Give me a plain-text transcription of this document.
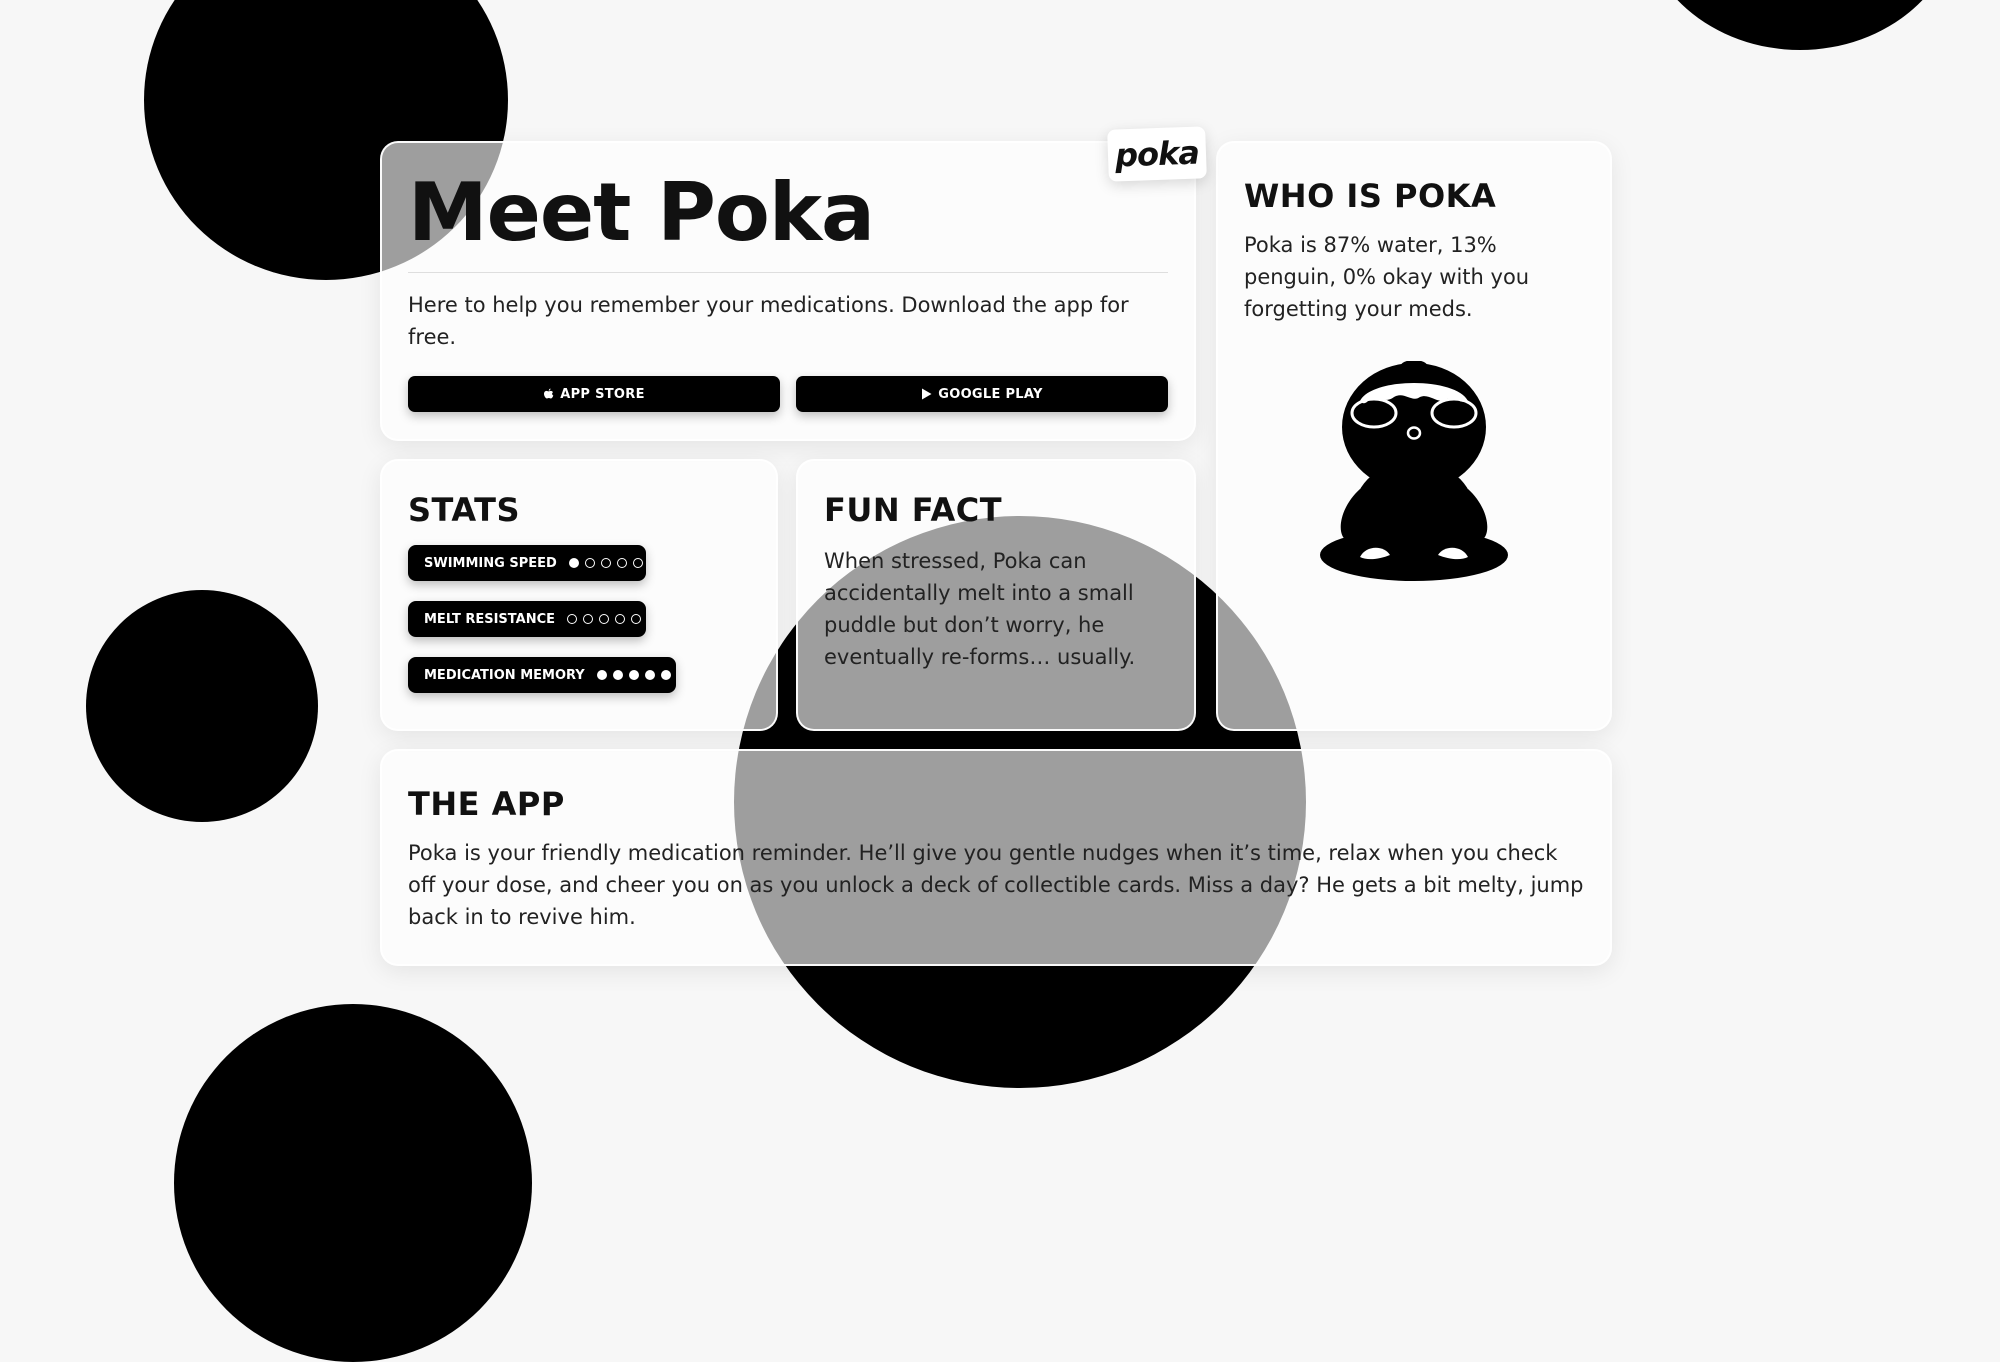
Meet Poka

Here to help you remember your medications. Download the app for free.

APP STORE	GOOGLE PLAY
poka
WHO IS POKA

Poka is 87% water, 13% penguin, 0% okay with you forgetting your meds.

STATS
SWIMMING SPEED
MELT RESISTANCE
MEDICATION MEMORY
FUN FACT

When stressed, Poka can accidentally melt into a small puddle but don’t worry, he eventually re-forms… usually.

THE APP

Poka is your friendly medication reminder. He’ll give you gentle nudges when it’s time, relax when you check off your dose, and cheer you on as you unlock a deck of collectible cards. Miss a day? He gets a bit melty, jump back in to revive him.
